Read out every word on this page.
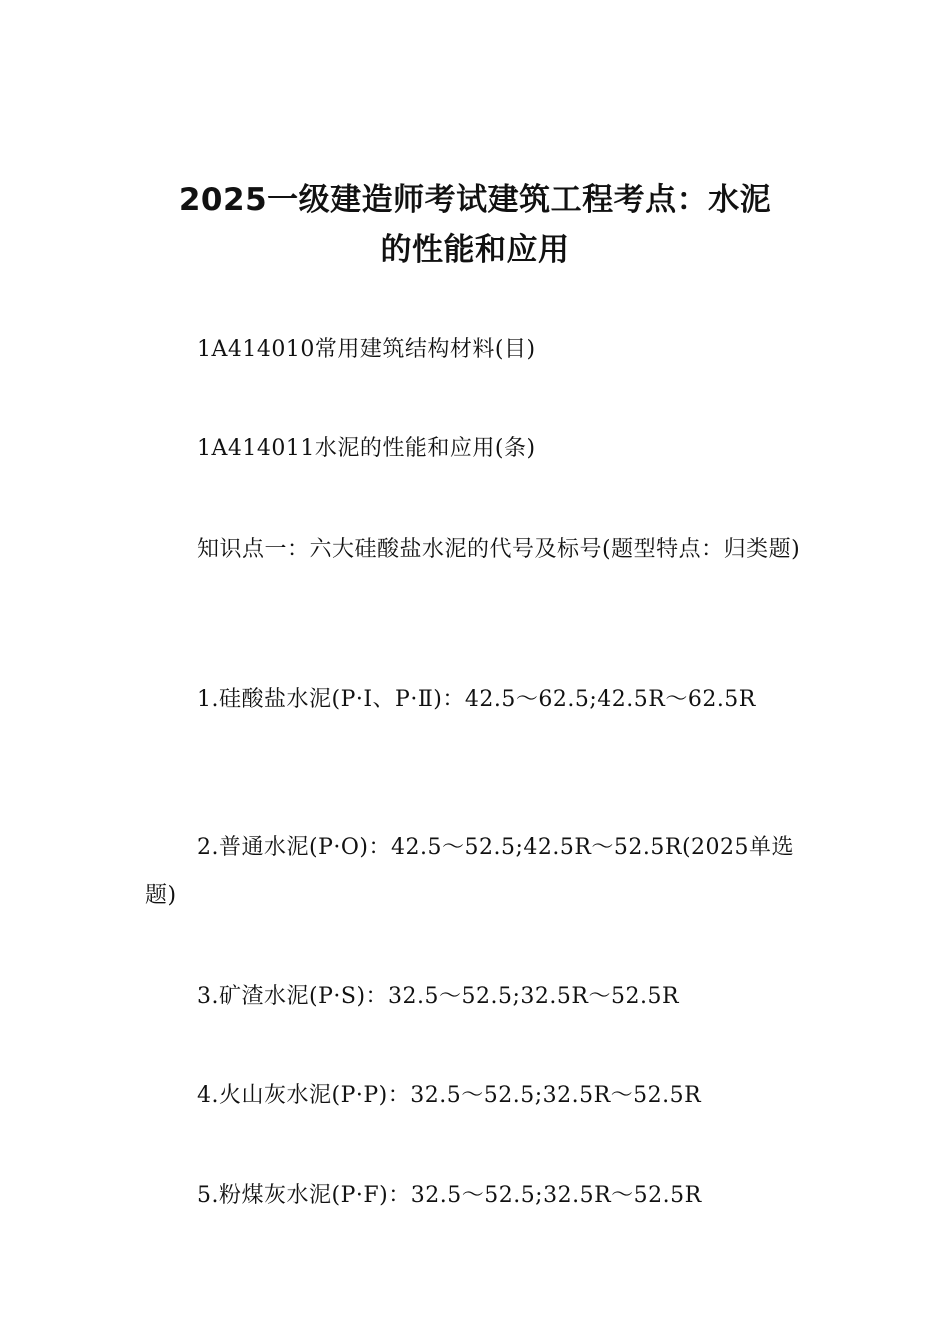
2025一级建造师考试建筑工程考点：水泥
的性能和应用
1A414010常用建筑结构材料(目)
1A414011水泥的性能和应用(条)
知识点一：六大硅酸盐水泥的代号及标号(题型特点：归类题)
1.硅酸盐水泥(P·Ⅰ、P·Ⅱ)：42.5～62.5;42.5R～62.5R
2.普通水泥(P·O)：42.5～52.5;42.5R～52.5R(2025单选题)
3.矿渣水泥(P·S)：32.5～52.5;32.5R～52.5R
4.火山灰水泥(P·P)：32.5～52.5;32.5R～52.5R
5.粉煤灰水泥(P·F)：32.5～52.5;32.5R～52.5R
